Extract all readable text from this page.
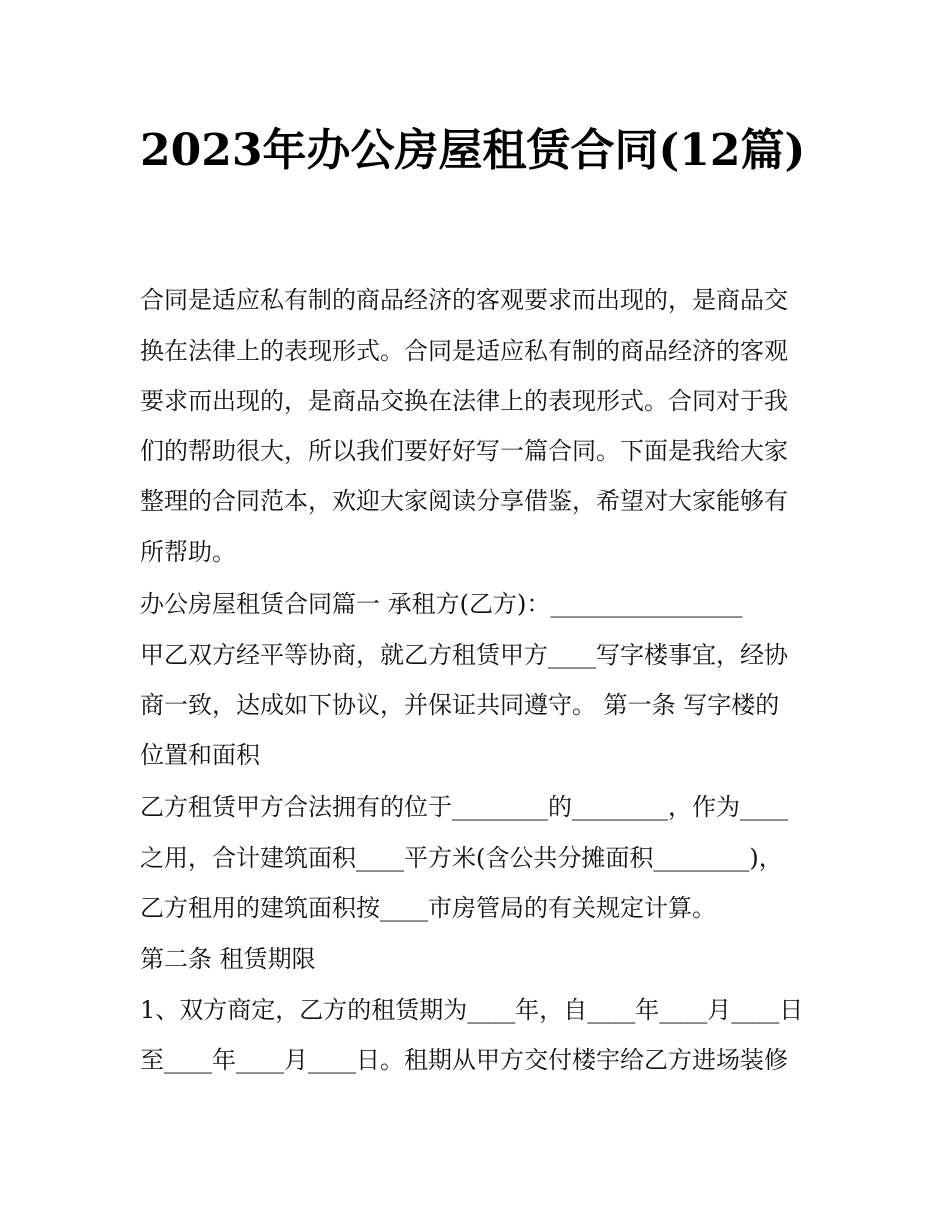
2023年办公房屋租赁合同(12篇)

合同是适应私有制的商品经济的客观要求而出现的，是商品交

换在法律上的表现形式。合同是适应私有制的商品经济的客观

要求而出现的，是商品交换在法律上的表现形式。合同对于我

们的帮助很大，所以我们要好好写一篇合同。下面是我给大家

整理的合同范本，欢迎大家阅读分享借鉴，希望对大家能够有

所帮助。

办公房屋租赁合同篇一 承租方(乙方)：________________

甲乙双方经平等协商，就乙方租赁甲方____写字楼事宜，经协

商一致，达成如下协议，并保证共同遵守。 第一条 写字楼的

位置和面积

乙方租赁甲方合法拥有的位于________的________，作为____

之用，合计建筑面积____平方米(含公共分摊面积________)，

乙方租用的建筑面积按____市房管局的有关规定计算。

第二条 租赁期限

1、双方商定，乙方的租赁期为____年，自____年____月____日

至____年____月____日。租期从甲方交付楼宇给乙方进场装修
